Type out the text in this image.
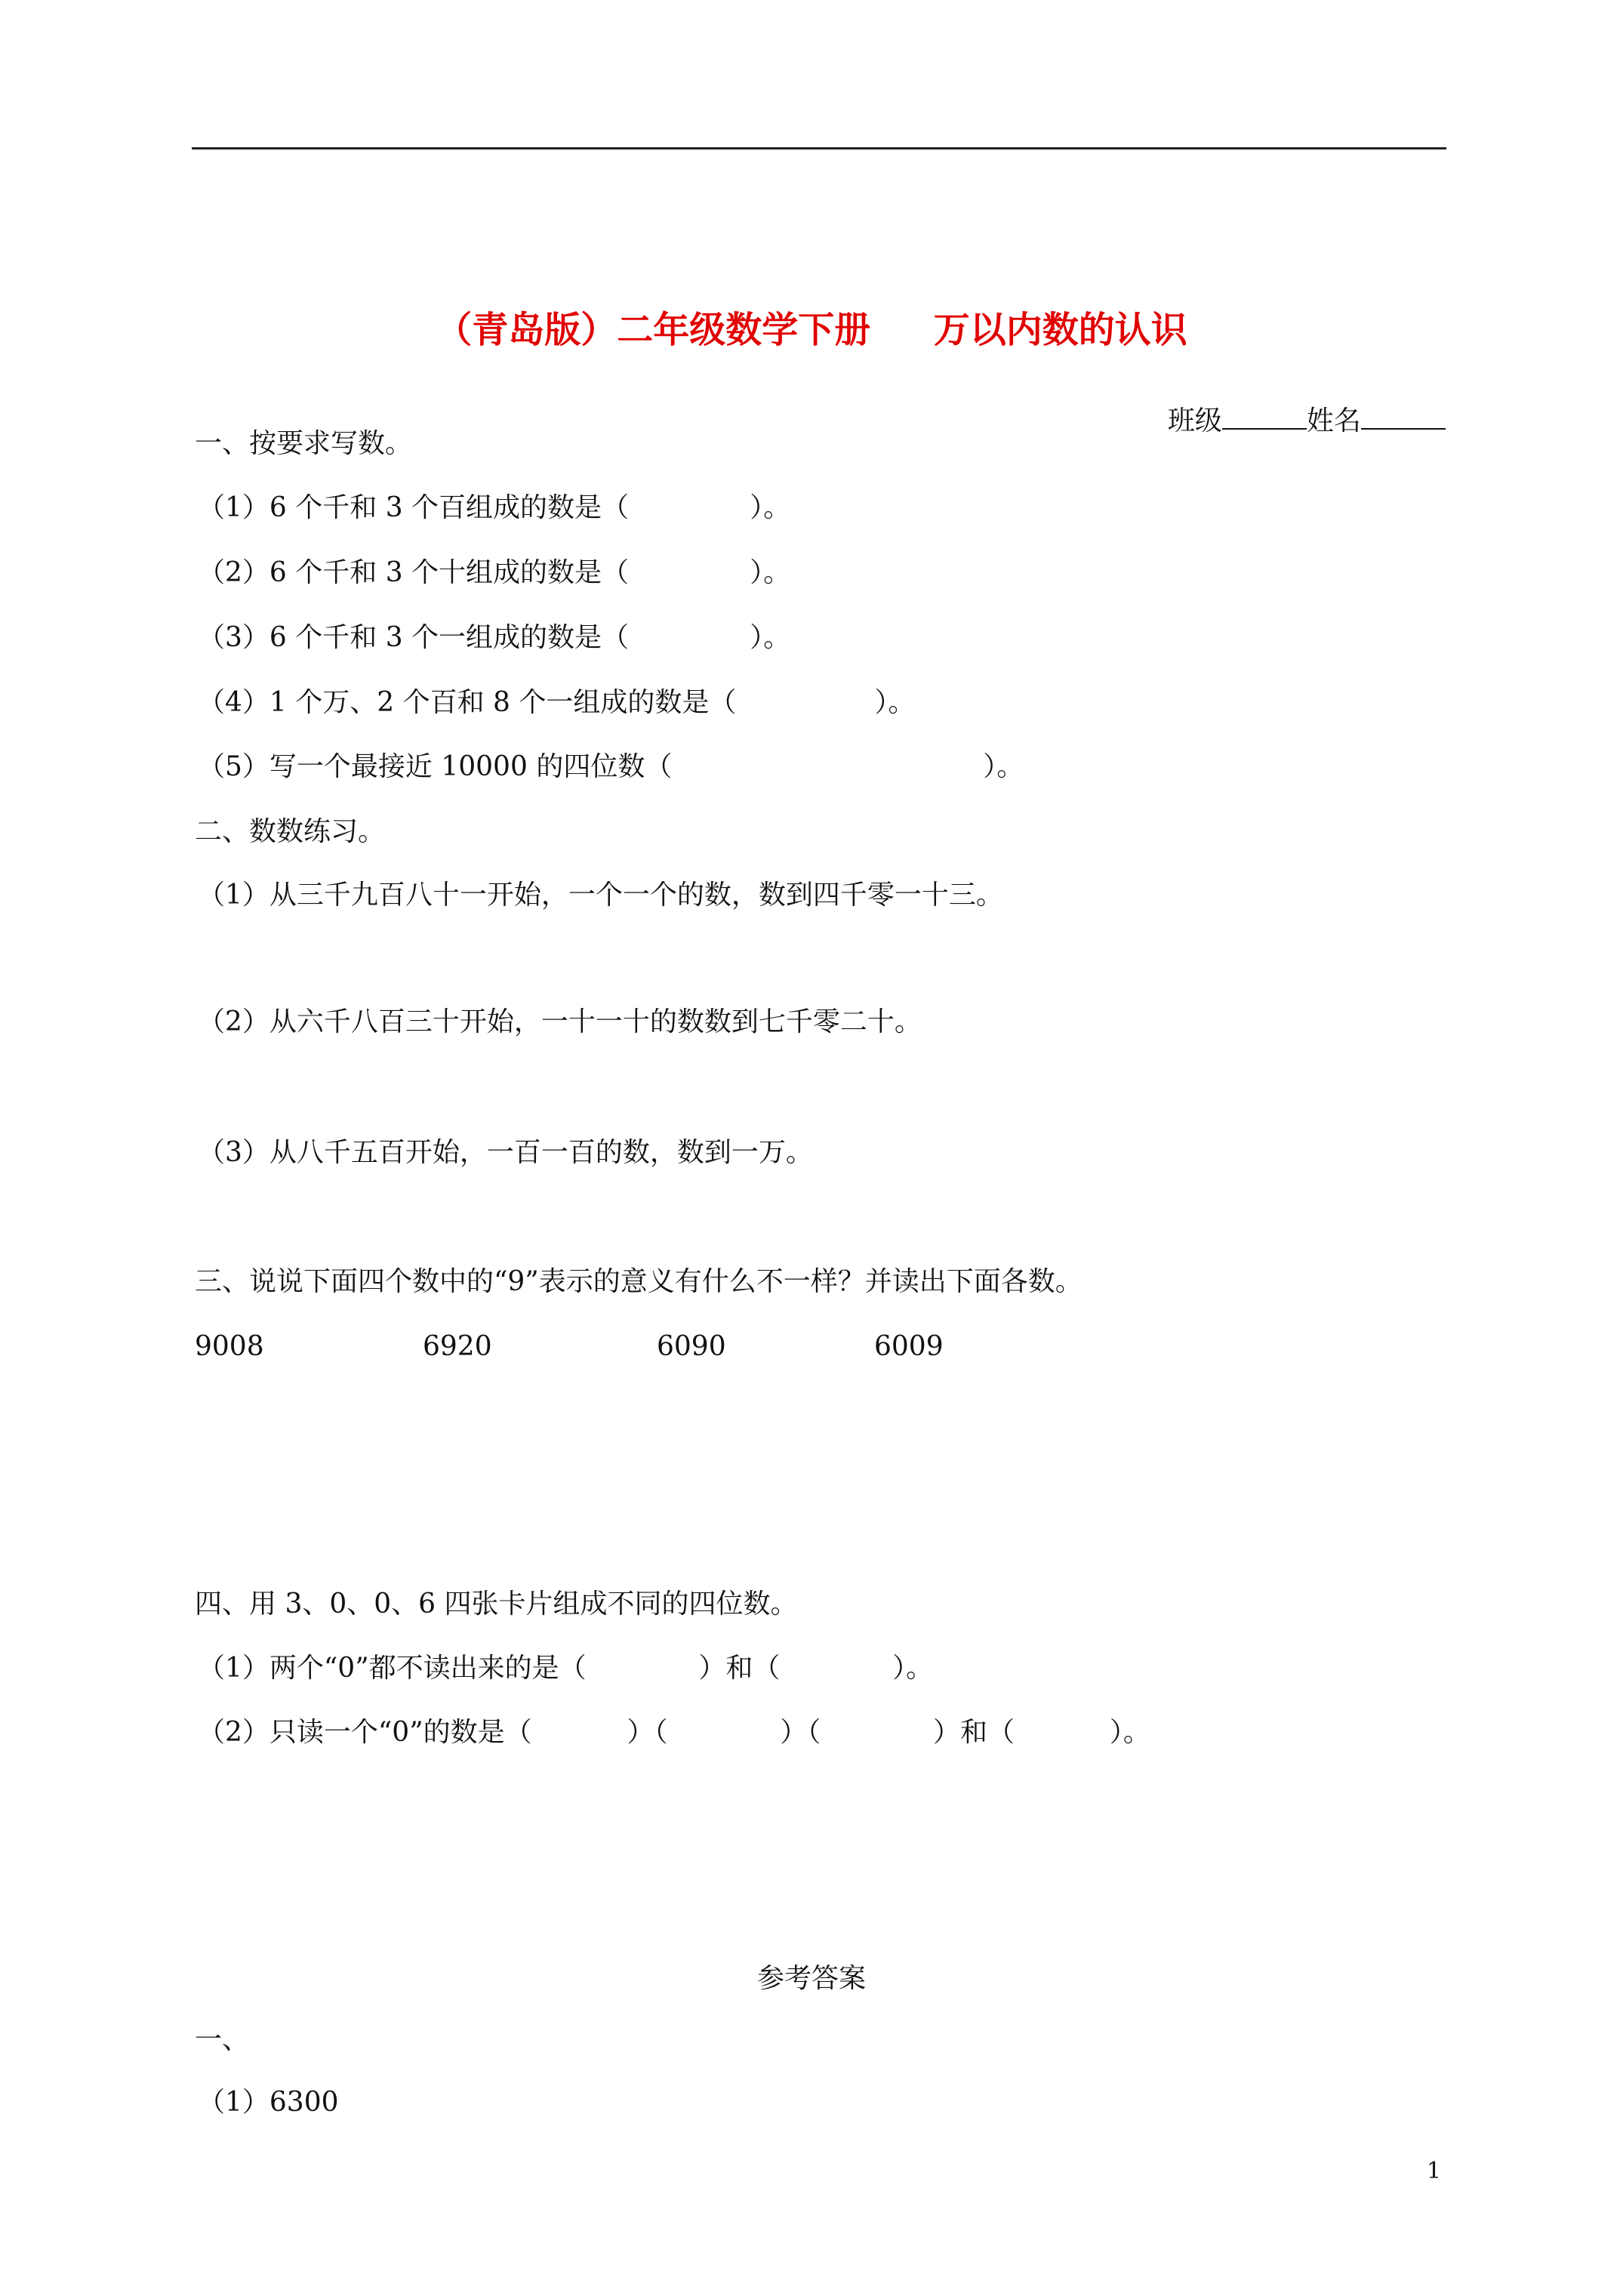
（青岛版）二年级数学下册     万以内数的认识

班级	姓名

一、按要求写数。
（1）6 个千和 3 个百组成的数是（              ）。
（2）6 个千和 3 个十组成的数是（              ）。
（3）6 个千和 3 个一组成的数是（              ）。
（4）1 个万、2 个百和 8 个一组成的数是（                ）。
（5）写一个最接近 10000 的四位数（                                    ）。
二、数数练习。
（1）从三千九百八十一开始，一个一个的数，数到四千零一十三。
（2）从六千八百三十开始，一十一十的数数到七千零二十。
（3）从八千五百开始，一百一百的数，数到一万。
三、说说下面四个数中的“9”表示的意义有什么不一样？并读出下面各数。
9008	6920	6090	6009
四、用 3、0、0、6 四张卡片组成不同的四位数。
（1）两个“0”都不读出来的是（             ）和（             ）。
（2）只读一个“0”的数是（           ）（             ）（             ）和（           ）。
参考答案
一、
（1）6300
1
